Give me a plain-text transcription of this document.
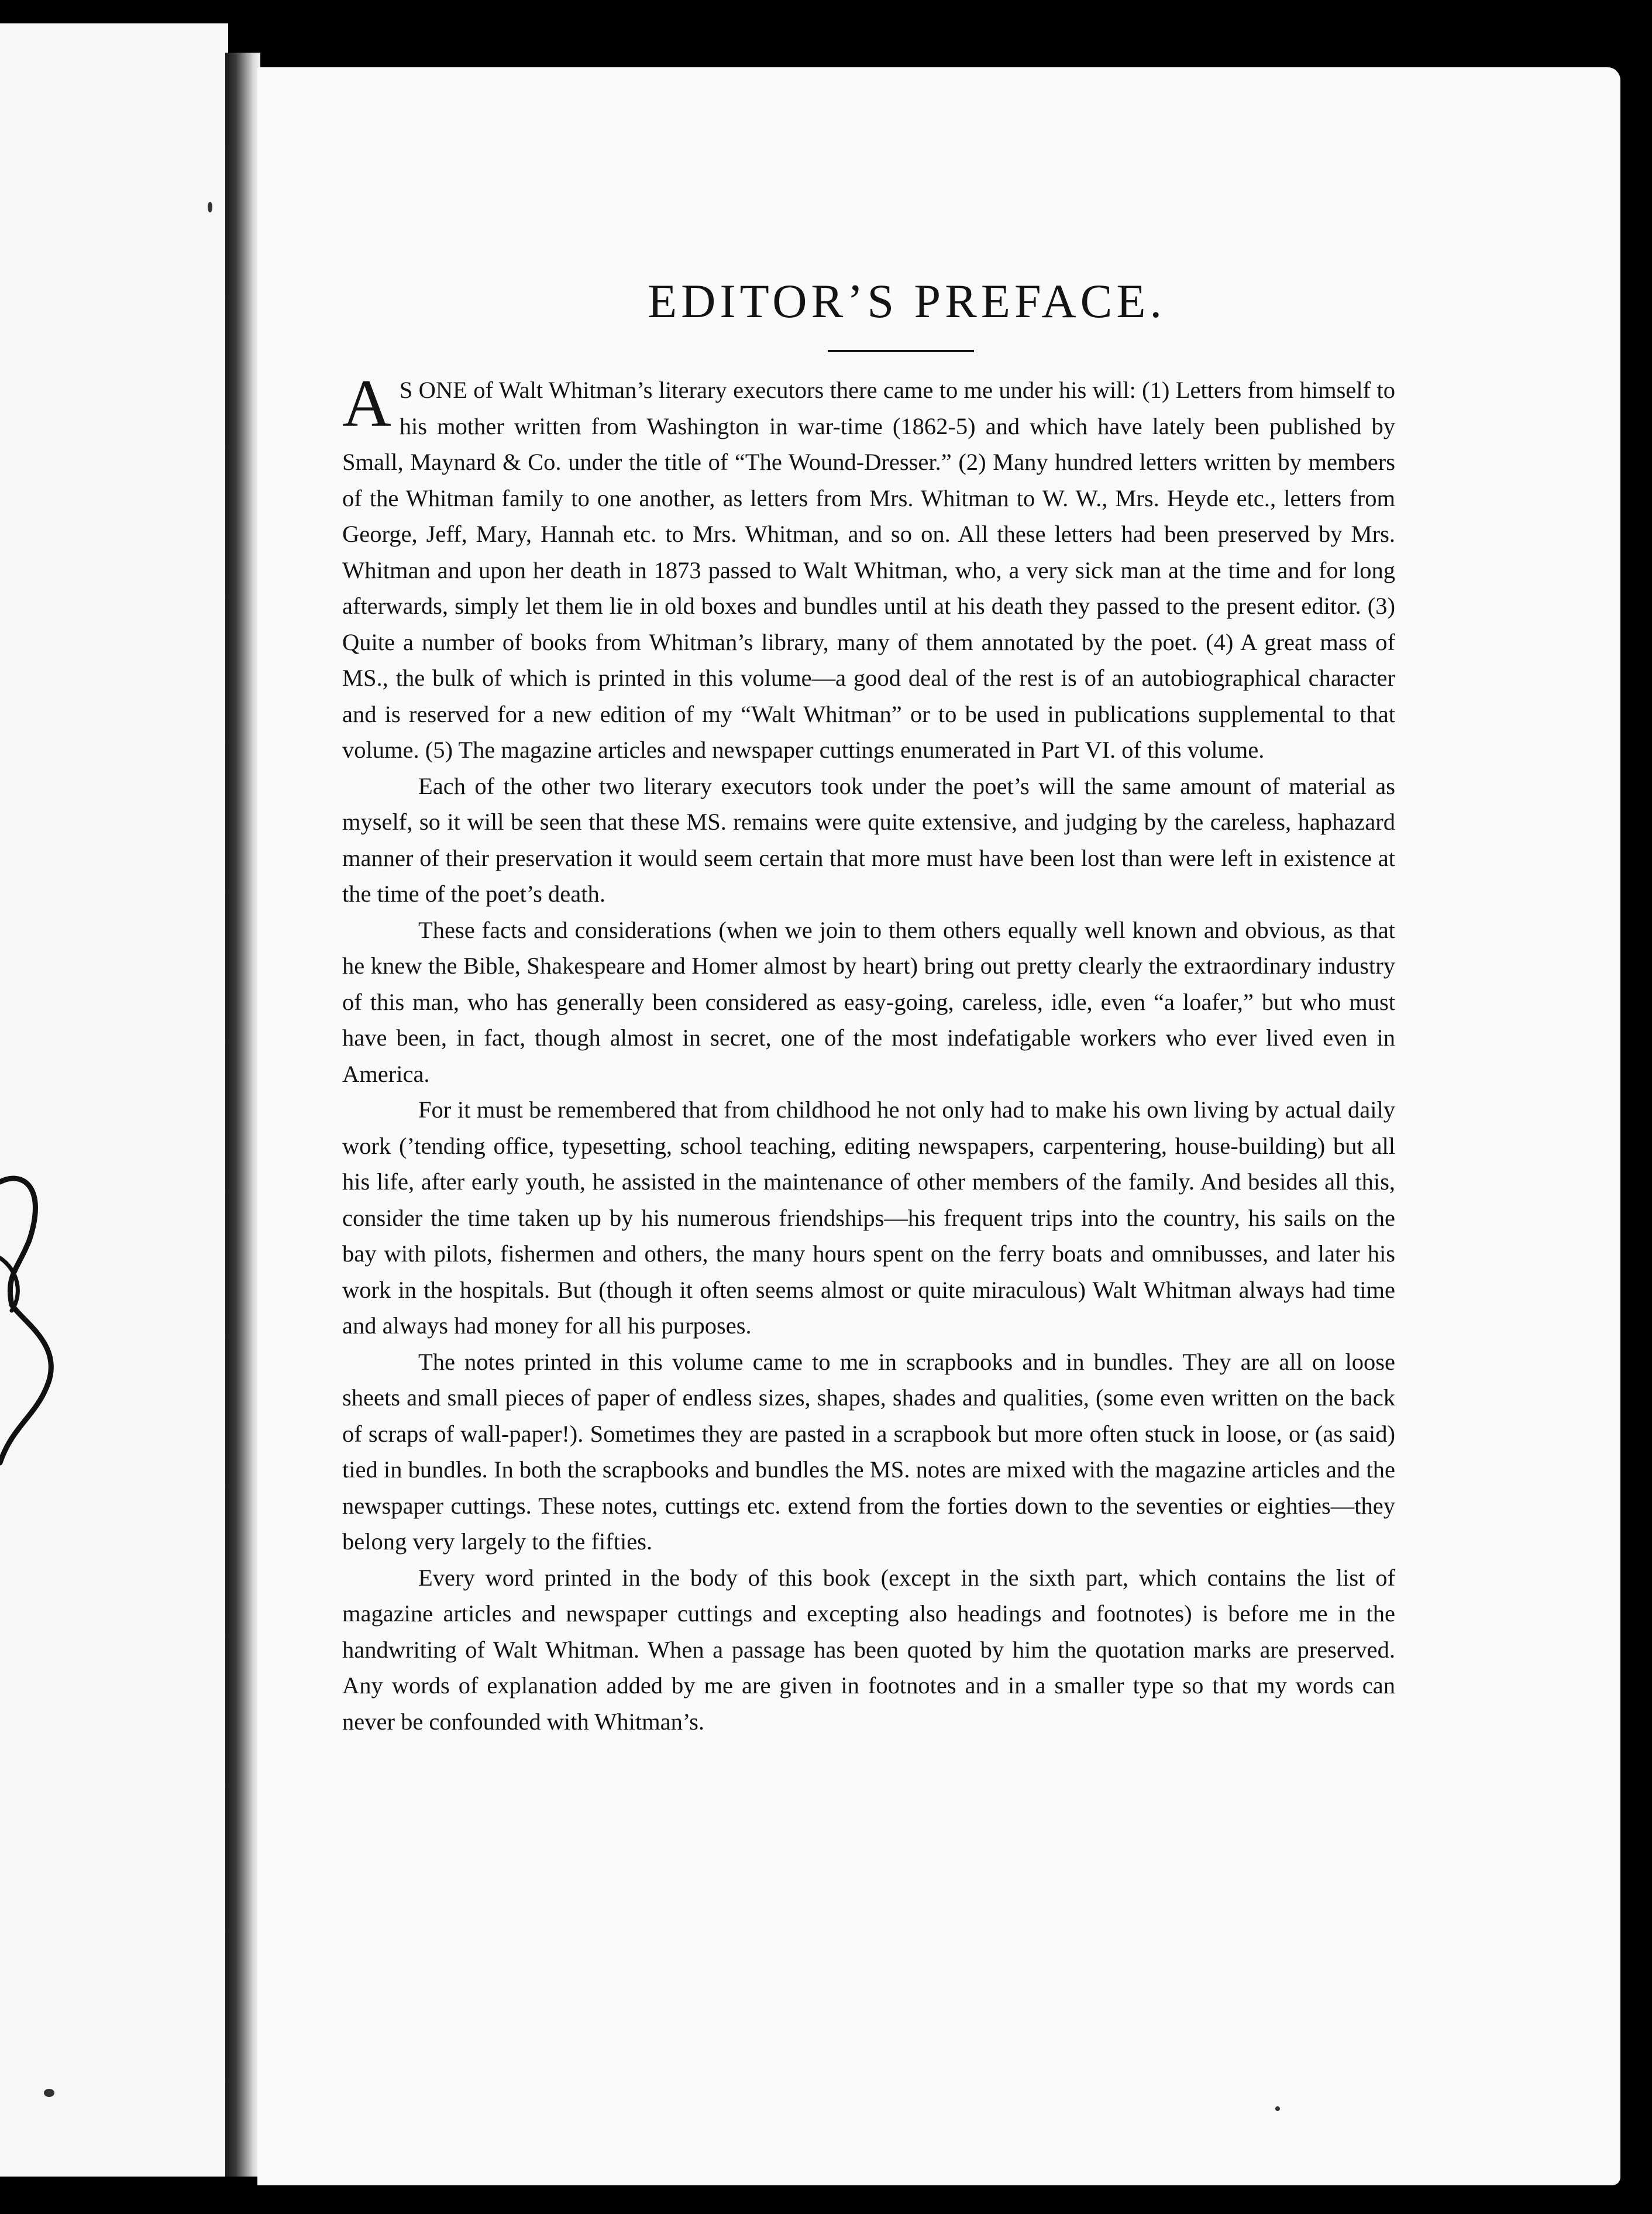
EDITOR’S PREFACE.

A S ONE of Walt Whitman’s literary executors there came to me under his will: (1) Letters from himself to his mother written from Washington in war-time (1862-5) and which have lately been published by Small, Maynard & Co. under the title of “The Wound-Dresser.” (2) Many hundred letters written by members of the Whitman family to one another, as letters from Mrs. Whitman to W. W., Mrs. Heyde etc., letters from George, Jeff, Mary, Hannah etc. to Mrs. Whitman, and so on. All these letters had been preserved by Mrs. Whitman and upon her death in 1873 passed to Walt Whitman, who, a very sick man at the time and for long afterwards, simply let them lie in old boxes and bundles until at his death they passed to the present editor. (3) Quite a number of books from Whitman’s library, many of them annotated by the poet. (4) A great mass of MS., the bulk of which is printed in this volume—a good deal of the rest is of an autobiographical character and is reserved for a new edition of my “Walt Whitman” or to be used in publications supplemental to that volume. (5) The magazine articles and newspaper cuttings enumerated in Part VI. of this volume.

Each of the other two literary executors took under the poet’s will the same amount of material as myself, so it will be seen that these MS. remains were quite extensive, and judging by the careless, haphazard manner of their preservation it would seem certain that more must have been lost than were left in existence at the time of the poet’s death.

These facts and considerations (when we join to them others equally well known and obvious, as that he knew the Bible, Shakespeare and Homer almost by heart) bring out pretty clearly the extraordinary industry of this man, who has generally been considered as easy-going, careless, idle, even “a loafer,” but who must have been, in fact, though almost in secret, one of the most indefatigable workers who ever lived even in America.

For it must be remembered that from childhood he not only had to make his own living by actual daily work (’tending office, typesetting, school teaching, editing newspapers, carpentering, house-building) but all his life, after early youth, he assisted in the maintenance of other members of the family. And besides all this, consider the time taken up by his numerous friendships—his frequent trips into the country, his sails on the bay with pilots, fishermen and others, the many hours spent on the ferry boats and omnibusses, and later his work in the hospitals. But (though it often seems almost or quite miraculous) Walt Whitman always had time and always had money for all his purposes.

The notes printed in this volume came to me in scrapbooks and in bundles. They are all on loose sheets and small pieces of paper of endless sizes, shapes, shades and qualities, (some even written on the back of scraps of wall-paper!). Sometimes they are pasted in a scrapbook but more often stuck in loose, or (as said) tied in bundles. In both the scrapbooks and bundles the MS. notes are mixed with the magazine articles and the newspaper cuttings. These notes, cuttings etc. extend from the forties down to the seventies or eighties—they belong very largely to the fifties.

Every word printed in the body of this book (except in the sixth part, which contains the list of magazine articles and newspaper cuttings and excepting also headings and footnotes) is before me in the handwriting of Walt Whitman. When a passage has been quoted by him the quotation marks are preserved. Any words of explanation added by me are given in footnotes and in a smaller type so that my words can never be confounded with Whitman’s.
